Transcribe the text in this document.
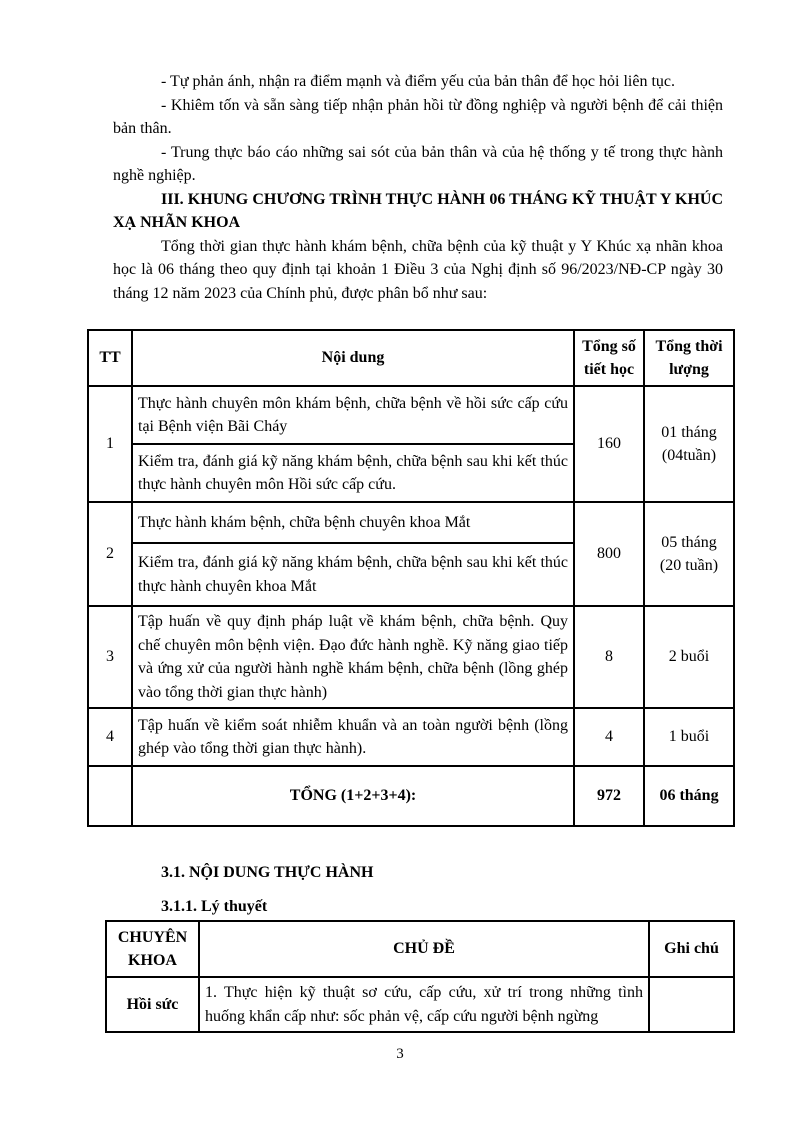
- Tự phản ánh, nhận ra điểm mạnh và điểm yếu của bản thân để học hỏi liên tục.

- Khiêm tốn và sẵn sàng tiếp nhận phản hồi từ đồng nghiệp và người bệnh để cải thiện bản thân.

- Trung thực báo cáo những sai sót của bản thân và của hệ thống y tế trong thực hành nghề nghiệp.

III. KHUNG CHƯƠNG TRÌNH THỰC HÀNH 06 THÁNG KỸ THUẬT Y KHÚC XẠ NHÃN KHOA

Tổng thời gian thực hành khám bệnh, chữa bệnh của kỹ thuật y Y Khúc xạ nhãn khoa học là 06 tháng theo quy định tại khoản 1 Điều 3 của Nghị định số 96/2023/NĐ-CP ngày 30 tháng 12 năm 2023 của Chính phủ, được phân bổ như sau:

TT	Nội dung	Tổng số tiết học	Tổng thời lượng
1	Thực hành chuyên môn khám bệnh, chữa bệnh về hồi sức cấp cứu tại Bệnh viện Bãi Cháy	160	01 tháng (04tuần)
	Kiểm tra, đánh giá kỹ năng khám bệnh, chữa bệnh sau khi kết thúc thực hành chuyên môn Hồi sức cấp cứu.		
2	Thực hành khám bệnh, chữa bệnh chuyên khoa Mắt	800	05 tháng (20 tuần)
	Kiểm tra, đánh giá kỹ năng khám bệnh, chữa bệnh sau khi kết thúc thực hành chuyên khoa Mắt		
3	Tập huấn về quy định pháp luật về khám bệnh, chữa bệnh. Quy chế chuyên môn bệnh viện. Đạo đức hành nghề. Kỹ năng giao tiếp và ứng xử của người hành nghề khám bệnh, chữa bệnh (lồng ghép vào tổng thời gian thực hành)	8	2 buổi
4	Tập huấn về kiểm soát nhiễm khuẩn và an toàn người bệnh (lồng ghép vào tổng thời gian thực hành).	4	1 buổi
	TỔNG (1+2+3+4):	972	06 tháng

3.1. NỘI DUNG THỰC HÀNH

3.1.1. Lý thuyết

CHUYÊN KHOA	CHỦ ĐỀ	Ghi chú
Hồi sức	1. Thực hiện kỹ thuật sơ cứu, cấp cứu, xử trí trong những tình huống khẩn cấp như: sốc phản vệ, cấp cứu người bệnh ngừng	
3
